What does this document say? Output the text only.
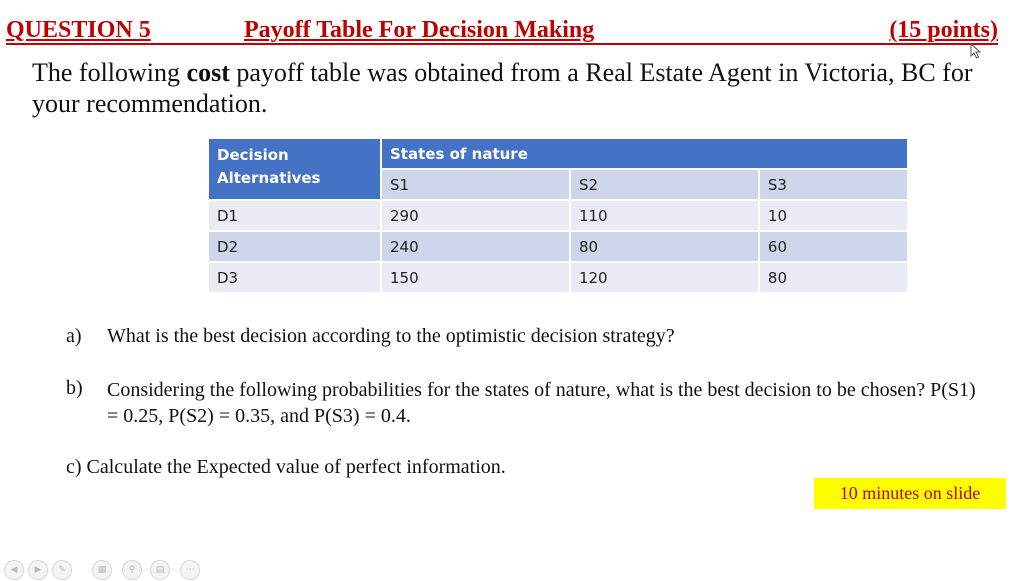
QUESTION 5	Payoff Table For Decision Making	(15 points)
The following cost payoff table was obtained from a Real Estate Agent in Victoria, BC for your recommendation.
Decision Alternatives	States of nature		
	S1	S2	S3
D1	290	110	10
D2	240	80	60
D3	150	120	80
a) What is the best decision according to the optimistic decision strategy?
b) Considering the following probabilities for the states of nature, what is the best decision to be chosen? P(S1) = 0.25, P(S2) = 0.35, and P(S3) = 0.4.
c) Calculate the Expected value of perfect information.
10 minutes on slide
◀	▶	✎	▦	⚲	▤	⋯
